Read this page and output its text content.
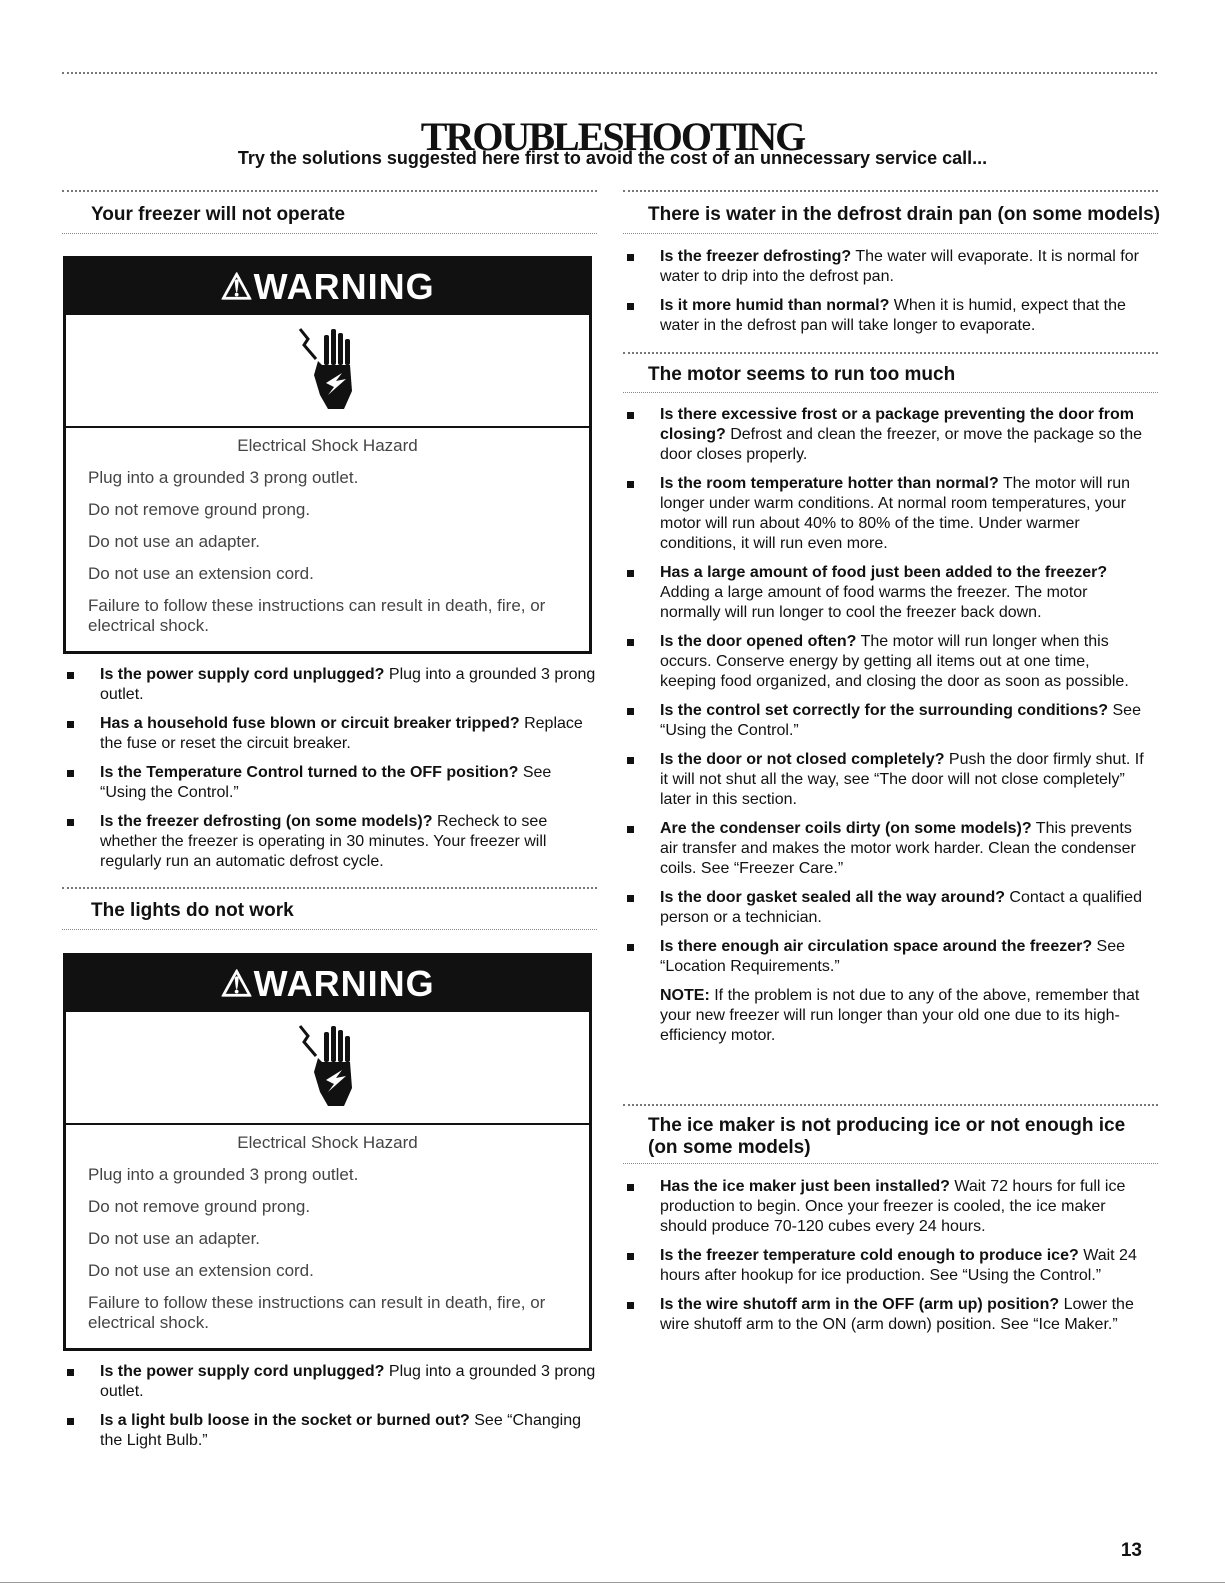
TROUBLESHOOTING
Try the solutions suggested here first to avoid the cost of an unnecessary service call...
Your freezer will not operate
⚠WARNING

Electrical Shock Hazard

Plug into a grounded 3 prong outlet.

Do not remove ground prong.

Do not use an adapter.

Do not use an extension cord.

Failure to follow these instructions can result in death, fire, or electrical shock.

Is the power supply cord unplugged? Plug into a grounded 3 prong outlet.
Has a household fuse blown or circuit breaker tripped? Replace the fuse or reset the circuit breaker.
Is the Temperature Control turned to the OFF position? See “Using the Control.”
Is the freezer defrosting (on some models)? Recheck to see whether the freezer is operating in 30 minutes. Your freezer will regularly run an automatic defrost cycle.
The lights do not work
⚠WARNING

Electrical Shock Hazard

Plug into a grounded 3 prong outlet.

Do not remove ground prong.

Do not use an adapter.

Do not use an extension cord.

Failure to follow these instructions can result in death, fire, or electrical shock.

Is the power supply cord unplugged? Plug into a grounded 3 prong outlet.
Is a light bulb loose in the socket or burned out? See “Changing the Light Bulb.”
There is water in the defrost drain pan (on some models)
Is the freezer defrosting? The water will evaporate. It is normal for water to drip into the defrost pan.
Is it more humid than normal? When it is humid, expect that the water in the defrost pan will take longer to evaporate.
The motor seems to run too much
Is there excessive frost or a package preventing the door from closing? Defrost and clean the freezer, or move the package so the door closes properly.
Is the room temperature hotter than normal? The motor will run longer under warm conditions. At normal room temperatures, your motor will run about 40% to 80% of the time. Under warmer conditions, it will run even more.
Has a large amount of food just been added to the freezer? Adding a large amount of food warms the freezer. The motor normally will run longer to cool the freezer back down.
Is the door opened often? The motor will run longer when this occurs. Conserve energy by getting all items out at one time, keeping food organized, and closing the door as soon as possible.
Is the control set correctly for the surrounding conditions? See “Using the Control.”
Is the door or not closed completely? Push the door firmly shut. If it will not shut all the way, see “The door will not close completely” later in this section.
Are the condenser coils dirty (on some models)? This prevents air transfer and makes the motor work harder. Clean the condenser coils. See “Freezer Care.”
Is the door gasket sealed all the way around? Contact a qualified person or a technician.
Is there enough air circulation space around the freezer? See “Location Requirements.”
NOTE: If the problem is not due to any of the above, remember that your new freezer will run longer than your old one due to its high-efficiency motor.
The ice maker is not producing ice or not enough ice (on some models)
Has the ice maker just been installed? Wait 72 hours for full ice production to begin. Once your freezer is cooled, the ice maker should produce 70-120 cubes every 24 hours.
Is the freezer temperature cold enough to produce ice? Wait 24 hours after hookup for ice production. See “Using the Control.”
Is the wire shutoff arm in the OFF (arm up) position? Lower the wire shutoff arm to the ON (arm down) position. See “Ice Maker.”
13
